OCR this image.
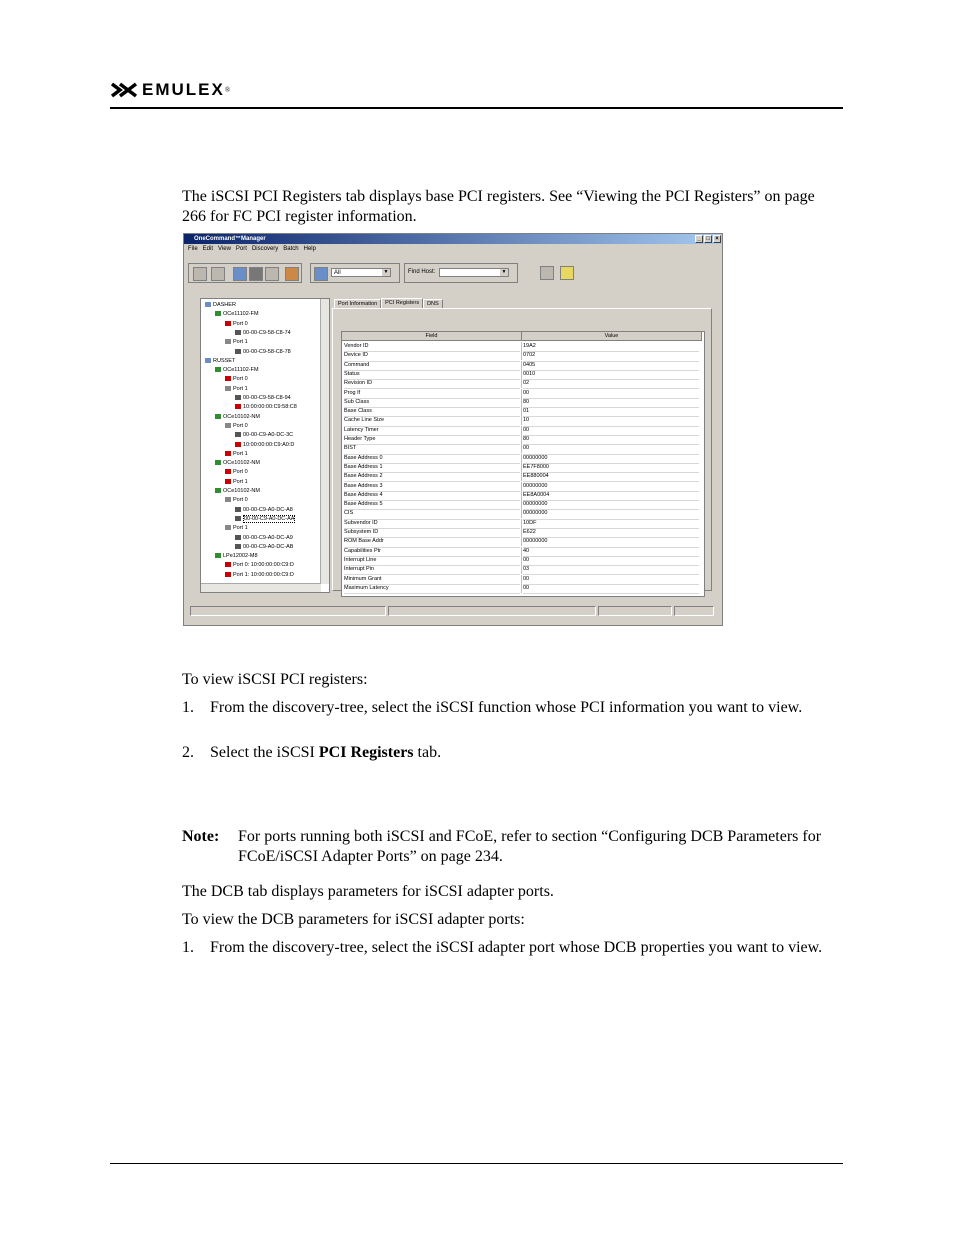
EMULEX ®
The iSCSI PCI Registers tab displays base PCI registers. See “Viewing the PCI Registers” on page 266 for FC PCI register information.
OneCommand™Manager	_ □ ×
File Edit View Port Discovery Batch Help
All	▼	Find Host:	▼
DASHER
OCe11102-FM
Port 0
00-00-C9-58-C8-74
Port 1
00-00-C9-58-C8-78
RUSSET
OCe11102-FM
Port 0
Port 1
00-00-C9-58-C8-94
10:00:00:00:C9:58:C8
OCe10102-NM
Port 0
00-00-C9-A0-DC-3C
10:00:00:00:C9:A0:D
Port 1
OCe10102-NM
Port 0
Port 1
OCe10102-NM
Port 0
00-00-C9-A0-DC-A8
00-00-C9-A0-DC-AA
Port 1
00-00-C9-A0-DC-A9
00-00-C9-A0-DC-AB
LPe12002-M8
Port 0: 10:00:00:00:C9:D
Port 1: 10:00:00:00:C9:D
Port Information	PCI Registers	DNS
Field	Value
Vendor ID	19A2
Device ID	0702
Command	0405
Status	0010
Revision ID	02
Prog If	00
Sub Class	80
Base Class	01
Cache Line Size	10
Latency Timer	00
Header Type	80
BIST	00
Base Address 0	00000000
Base Address 1	EE7F8000
Base Address 2	EE880004
Base Address 3	00000000
Base Address 4	EE8A0004
Base Address 5	00000000
CIS	00000000
Subvendor ID	10DF
Subsystem ID	E622
ROM Base Addr	00000000
Capabilities Ptr	40
Interrupt Line	00
Interrupt Pin	03
Minimum Grant	00
Maximum Latency	00
To view iSCSI PCI registers:
1. From the discovery-tree, select the iSCSI function whose PCI information you want to view.
2. Select the iSCSI PCI Registers tab.
Note: For ports running both iSCSI and FCoE, refer to section “Configuring DCB Parameters for FCoE/iSCSI Adapter Ports” on page 234.
The DCB tab displays parameters for iSCSI adapter ports.
To view the DCB parameters for iSCSI adapter ports:
1. From the discovery-tree, select the iSCSI adapter port whose DCB properties you want to view.
